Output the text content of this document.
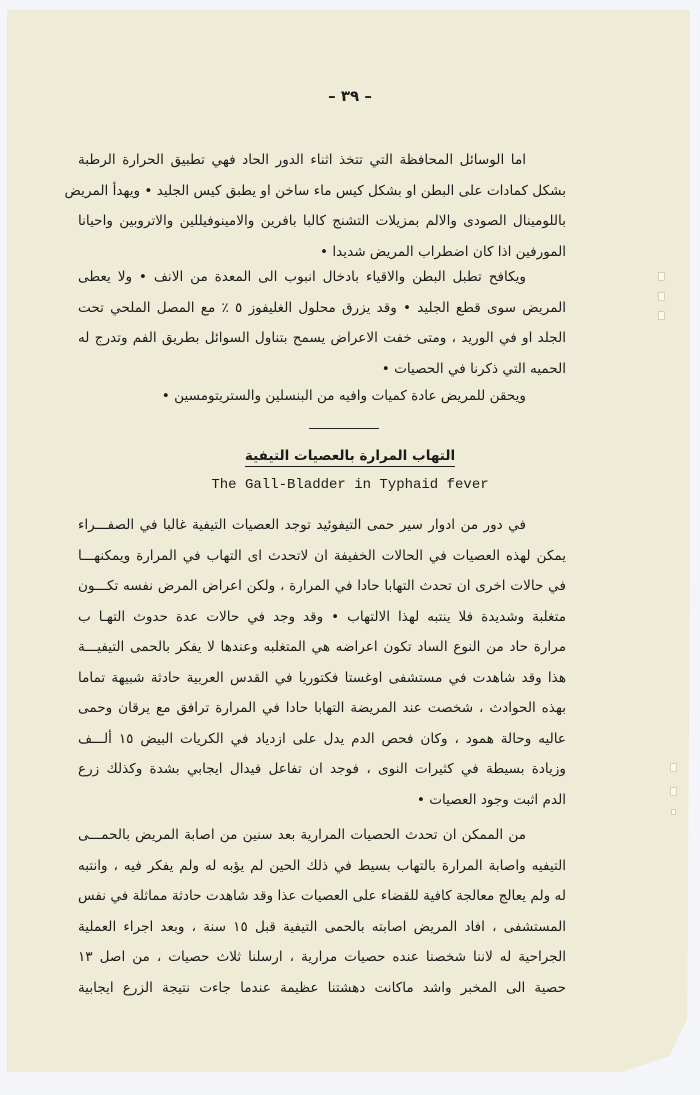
– ٣٩ –
اما الوسائل المحافظة التي تتخذ اثناء الدور الحاد فهي تطبيق الحرارة الرطبة
بشكل كمادات على البطن او بشكل كيس ماء ساخن او يطبق كيس الجليد • ويهدأ المريض
باللومينال الصودى والالم بمزيلات التشنج كالبا بافرين والامينوفيللين والاتروبين واحيانا
المورفين اذا كان اضطراب المريض شديدا •
ويكافح تطبل البطن والاقياء بادخال انبوب الى المعدة من الانف • ولا يعطى
المريض سوى قطع الجليد • وقد يزرق محلول الغليفوز ٥ ٪ مع المصل الملحي تحت
الجلد او في الوريد ، ومتى خفت الاعراض يسمح بتناول السوائل بطريق الفم وتدرج له
الحميه التي ذكرنا في الحصيات •
ويحقن للمريض عادة كميات وافيه من البنسلين والستريتومسين •
التهاب المرارة بالعصيات التيفية
The Gall-Bladder in Typhaid fever
في دور من ادوار سير حمى التيفوئيد توجد العصيات التيفية غالبا في الصفـــراء
يمكن لهذه العصيات في الحالات الخفيفة ان لاتحدث اى التهاب في المرارة ويمكنهـــا
في حالات اخرى ان تحدث التهابا حادا في المرارة ، ولكن اعراض المرض نفسه تكـــون
متغلبة وشديدة فلا ينتبه لهذا الالتهاب • وقد وجد في حالات عدة حدوث التهـا ب
مرارة حاد من النوع الساد تكون اعراضه هي المتغلبه وعندها لا يفكر بالحمى التيفيـــة
هذا وقد شاهدت في مستشفى اوغستا فكتوريا في القدس العربية حادثة شبيهة تماما
بهذه الحوادث ، شخصت عند المريضة التهابا حادا في المرارة ترافق مع يرقان وحمى
عاليه وحالة همود ، وكان فحص الدم يدل على ازدياد في الكريات البيض ١٥ ألـــف
وزيادة بسيطة في كثيرات النوى ، فوجد ان تفاعل فيدال ايجابي بشدة وكذلك زرع
الدم اثبت وجود العصيات •
من الممكن ان تحدث الحصيات المرارية بعد سنين من اصابة المريض بالحمـــى
التيفيه واصابة المرارة بالتهاب بسيط في ذلك الحين لم يؤبه له ولم يفكر فيه ، وانتبه
له ولم يعالج معالجة كافية للقضاء على العصيات عذا وقد شاهدت حادثة مماثلة في نفس
المستشفى ، افاد المريض اصابته بالحمى التيفية قبل ١٥ سنة ، وبعد اجراء العملية
الجراحية له لاننا شخصنا عنده حصيات مرارية ، ارسلنا ثلاث حصيات ، من اصل ١٣
حصية الى المخبر واشد ماكانت دهشتنا عظيمة عندما جاءت نتيجة الزرع ايجابية
